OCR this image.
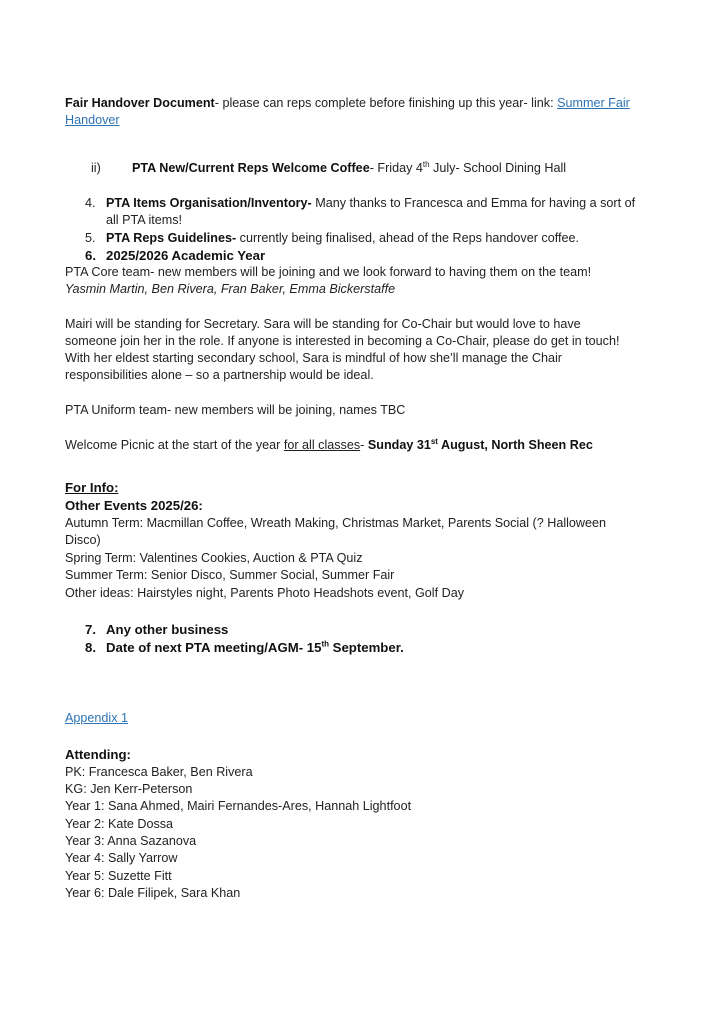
Fair Handover Document- please can reps complete before finishing up this year- link: Summer Fair
Handover
ii) PTA New/Current Reps Welcome Coffee- Friday 4th July- School Dining Hall
4. PTA Items Organisation/Inventory- Many thanks to Francesca and Emma for having a sort of
all PTA items!
5. PTA Reps Guidelines- currently being finalised, ahead of the Reps handover coffee.
6. 2025/2026 Academic Year
PTA Core team- new members will be joining and we look forward to having them on the team!
Yasmin Martin, Ben Rivera, Fran Baker, Emma Bickerstaffe
Mairi will be standing for Secretary. Sara will be standing for Co-Chair but would love to have
someone join her in the role. If anyone is interested in becoming a Co-Chair, please do get in touch!
With her eldest starting secondary school, Sara is mindful of how she’ll manage the Chair
responsibilities alone – so a partnership would be ideal.
PTA Uniform team- new members will be joining, names TBC
Welcome Picnic at the start of the year for all classes- Sunday 31st August, North Sheen Rec
For Info:
Other Events 2025/26:
Autumn Term: Macmillan Coffee, Wreath Making, Christmas Market, Parents Social (? Halloween
Disco)
Spring Term: Valentines Cookies, Auction & PTA Quiz
Summer Term: Senior Disco, Summer Social, Summer Fair
Other ideas: Hairstyles night, Parents Photo Headshots event, Golf Day
7. Any other business
8. Date of next PTA meeting/AGM- 15th September.
Appendix 1
Attending:
PK: Francesca Baker, Ben Rivera
KG: Jen Kerr-Peterson
Year 1: Sana Ahmed, Mairi Fernandes-Ares, Hannah Lightfoot
Year 2: Kate Dossa
Year 3: Anna Sazanova
Year 4: Sally Yarrow
Year 5: Suzette Fitt
Year 6: Dale Filipek, Sara Khan
